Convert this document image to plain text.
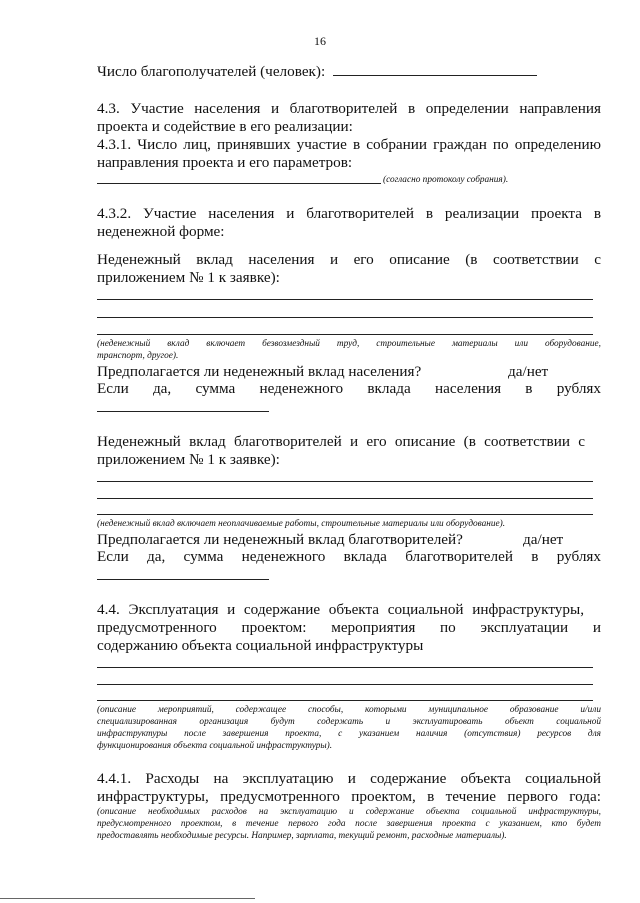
16
Число благополучателей (человек):
4.3. Участие населения и благотворителей в определении направления
проекта и содействие в его реализации:
4.3.1. Число лиц, принявших участие в собрании граждан по определению
направления проекта и его параметров:
(согласно протоколу собрания).
4.3.2. Участие населения и благотворителей в реализации проекта в
неденежной форме:
Неденежный вклад населения и его описание (в соответствии с
приложением № 1 к заявке):
(неденежный вклад включает безвозмездный труд, строительные материалы или оборудование,
транспорт, другое).
Предполагается ли неденежный вклад населения?	да/нет
Если да, сумма неденежного вклада населения в рублях
Неденежный вклад благотворителей и его описание (в соответствии с
приложением № 1 к заявке):
(неденежный вклад включает неоплачиваемые работы, строительные материалы или оборудование).
Предполагается ли неденежный вклад благотворителей?	да/нет
Если да, сумма неденежного вклада благотворителей в рублях
4.4. Эксплуатация и содержание объекта социальной инфраструктуры,
предусмотренного проектом: мероприятия по эксплуатации и
содержанию объекта социальной инфраструктуры
(описание мероприятий, содержащее способы, которыми муниципальное образование и/или
специализированная организация будут содержать и эксплуатировать объект социальной
инфраструктуры после завершения проекта, с указанием наличия (отсутствия) ресурсов для
функционирования объекта социальной инфраструктуры).
4.4.1. Расходы на эксплуатацию и содержание объекта социальной
инфраструктуры, предусмотренного проектом, в течение первого года:
(описание необходимых расходов на эксплуатацию и содержание объекта социальной инфраструктуры,
предусмотренного проектом, в течение первого года после завершения проекта с указанием, кто будет
предоставлять необходимые ресурсы. Например, зарплата, текущий ремонт, расходные материалы).
